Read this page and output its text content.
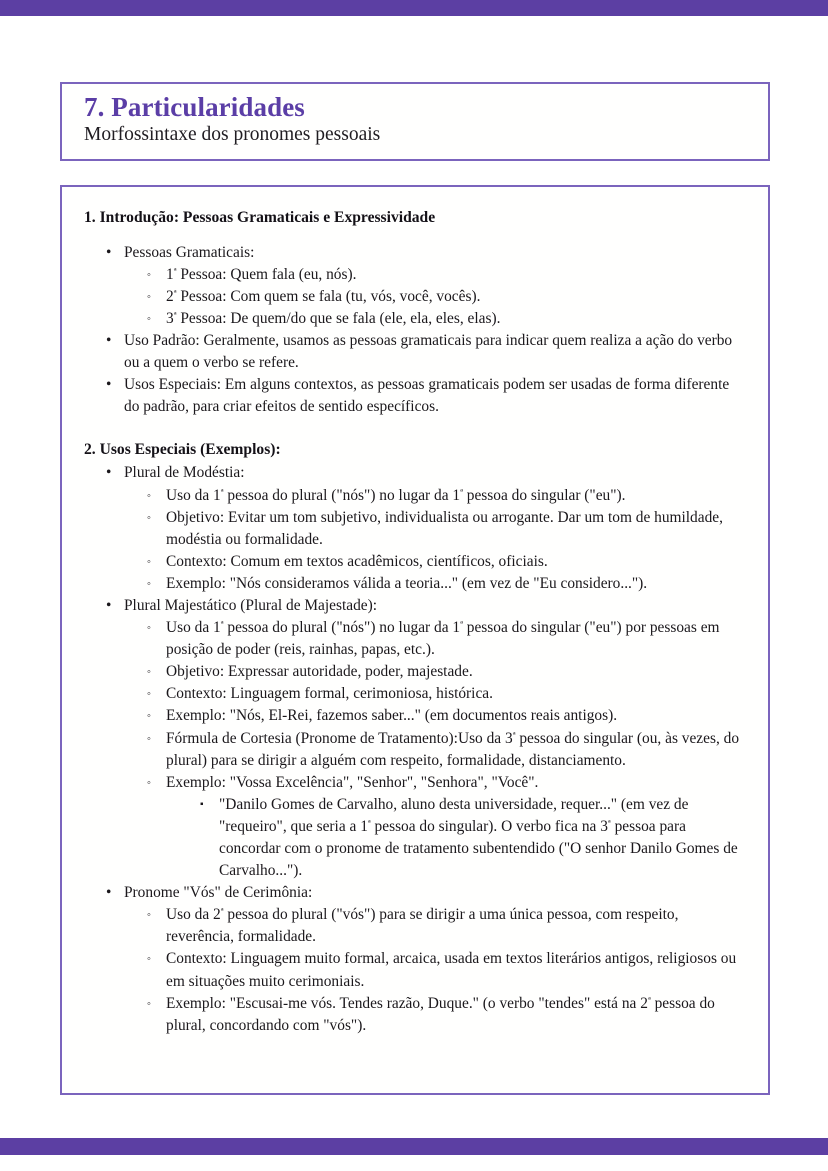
7. Particularidades
Morfossintaxe dos pronomes pessoais
1. Introdução: Pessoas Gramaticais e Expressividade
• Pessoas Gramaticais:
◦ $1^ª$ Pessoa: Quem fala (eu, nós).
◦ $2^ª$ Pessoa: Com quem se fala (tu, vós, você, vocês).
◦ $3^ª$ Pessoa: De quem/do que se fala (ele, ela, eles, elas).
• Uso Padrão: Geralmente, usamos as pessoas gramaticais para indicar quem realiza a ação do verbo ou a quem o verbo se refere.
• Usos Especiais: Em alguns contextos, as pessoas gramaticais podem ser usadas de forma diferente do padrão, para criar efeitos de sentido específicos.
2. Usos Especiais (Exemplos):
• Plural de Modéstia:
◦ Uso da $1^ª$ pessoa do plural ("nós") no lugar da $1^ª$ pessoa do singular ("eu").
◦ Objetivo: Evitar um tom subjetivo, individualista ou arrogante. Dar um tom de humildade, modéstia ou formalidade.
◦ Contexto: Comum em textos acadêmicos, científicos, oficiais.
◦ Exemplo: "Nós consideramos válida a teoria..." (em vez de "Eu considero...").
• Plural Majestático (Plural de Majestade):
◦ Uso da $1^ª$ pessoa do plural ("nós") no lugar da $1^ª$ pessoa do singular ("eu") por pessoas em posição de poder (reis, rainhas, papas, etc.).
◦ Objetivo: Expressar autoridade, poder, majestade.
◦ Contexto: Linguagem formal, cerimoniosa, histórica.
◦ Exemplo: "Nós, El-Rei, fazemos saber..." (em documentos reais antigos).
◦ Fórmula de Cortesia (Pronome de Tratamento):Uso da $3^ª$ pessoa do singular (ou, às vezes, do plural) para se dirigir a alguém com respeito, formalidade, distanciamento.
◦ Exemplo: "Vossa Excelência", "Senhor", "Senhora", "Você".
▪ "Danilo Gomes de Carvalho, aluno desta universidade, requer..." (em vez de "requeiro", que seria a $1^ª$ pessoa do singular). O verbo fica na $3^ª$ pessoa para concordar com o pronome de tratamento subentendido ("O senhor Danilo Gomes de Carvalho...").
• Pronome "Vós" de Cerimônia:
◦ Uso da $2^ª$ pessoa do plural ("vós") para se dirigir a uma única pessoa, com respeito, reverência, formalidade.
◦ Contexto: Linguagem muito formal, arcaica, usada em textos literários antigos, religiosos ou em situações muito cerimoniais.
◦ Exemplo: "Escusai-me vós. Tendes razão, Duque." (o verbo "tendes" está na $2^ª$ pessoa do plural, concordando com "vós").
